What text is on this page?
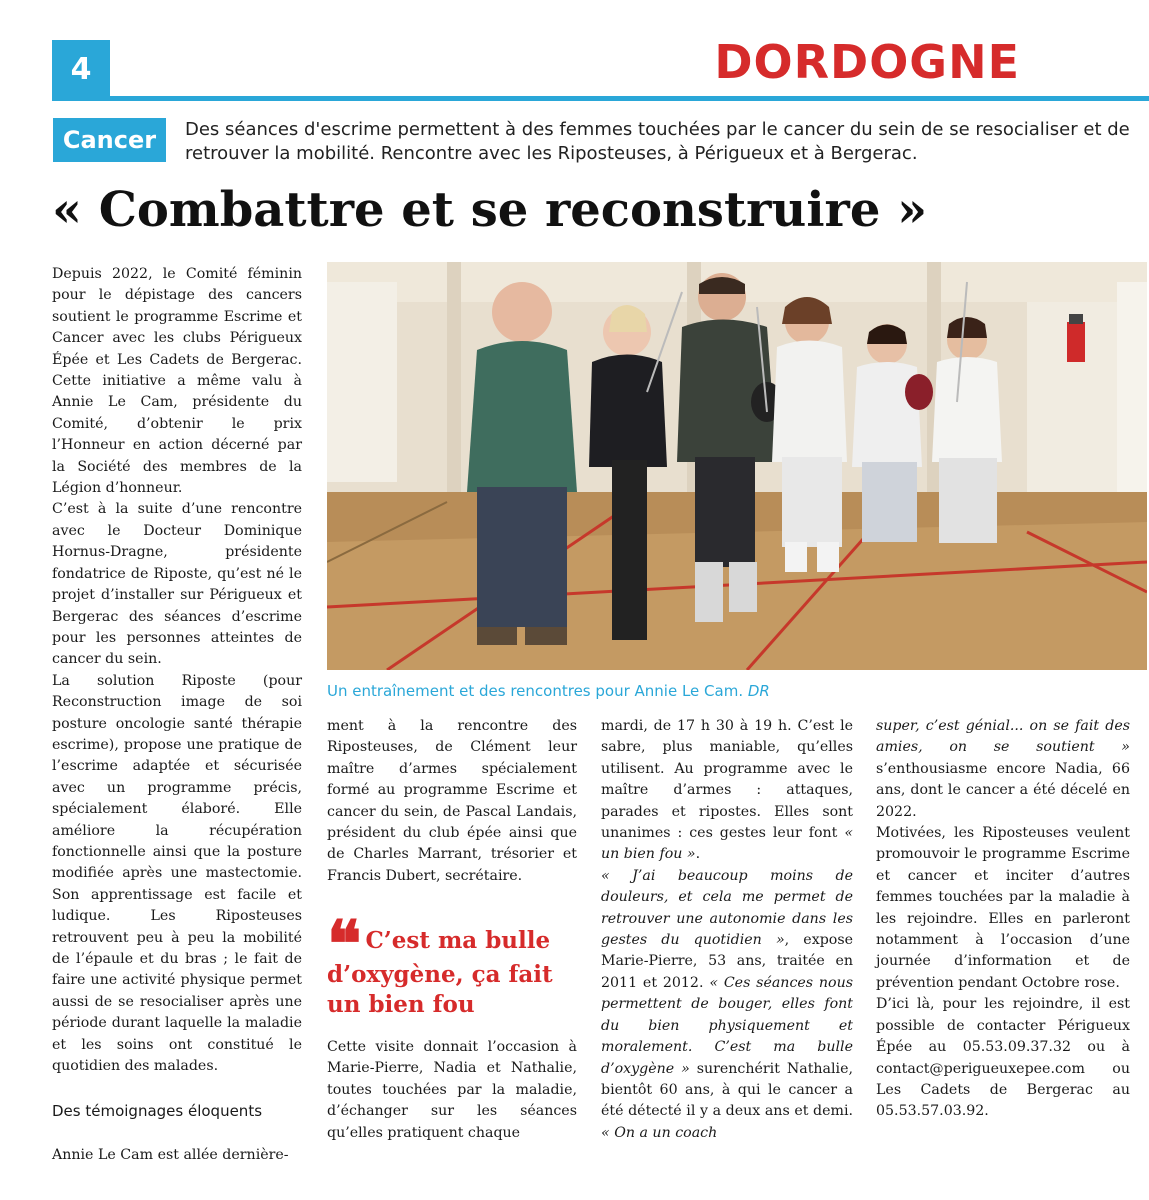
4	DORDOGNE
Cancer	Des séances d'escrime permettent à des femmes touchées par le cancer du sein de se resocialiser et de retrouver la mobilité. Rencontre avec les Riposteuses, à Périgueux et à Bergerac.
« Combattre et se reconstruire »

Depuis 2022, le Comité féminin pour le dépistage des cancers soutient le programme Escrime et Cancer avec les clubs Périgueux Épée et Les Cadets de Bergerac. Cette initiative a même valu à Annie Le Cam, présidente du Comité, d’obtenir le prix l’Honneur en action décerné par la Société des membres de la Légion d’honneur.

C’est à la suite d’une rencontre avec le Docteur Dominique Hornus-Dragne, présidente fondatrice de Riposte, qu’est né le projet d’installer sur Périgueux et Bergerac des séances d’escrime pour les personnes atteintes de cancer du sein.

La solution Riposte (pour Reconstruction image de soi posture oncologie santé thérapie escrime), propose une pratique de l’escrime adaptée et sécurisée avec un programme précis, spécialement élaboré. Elle améliore la récupération fonctionnelle ainsi que la posture modifiée après une mastectomie. Son apprentissage est facile et ludique. Les Riposteuses retrouvent peu à peu la mobilité de l’épaule et du bras ; le fait de faire une activité physique permet aussi de se resocialiser après une période durant laquelle la maladie et les soins ont constitué le quotidien des malades.

Des témoignages éloquents

Annie Le Cam est allée dernière-

Un entraînement et des rencontres pour Annie Le Cam. DR

ment à la rencontre des Riposteuses, de Clément leur maître d’armes spécialement formé au programme Escrime et cancer du sein, de Pascal Landais, président du club épée ainsi que de Charles Marrant, trésorier et Francis Dubert, secrétaire.

❝ C’est ma bulle d’oxygène, ça fait un bien fou

Cette visite donnait l’occasion à Marie-Pierre, Nadia et Nathalie, toutes touchées par la maladie, d’échanger sur les séances qu’elles pratiquent chaque

mardi, de 17 h 30 à 19 h. C’est le sabre, plus maniable, qu’elles utilisent. Au programme avec le maître d’armes : attaques, parades et ripostes. Elles sont unanimes : ces gestes leur font « un bien fou ».

« J’ai beaucoup moins de douleurs, et cela me permet de retrouver une autonomie dans les gestes du quotidien », expose Marie-Pierre, 53 ans, traitée en 2011 et 2012. « Ces séances nous permettent de bouger, elles font du bien physiquement et moralement. C’est ma bulle d’oxygène » surenchérit Nathalie, bientôt 60 ans, à qui le cancer a été détecté il y a deux ans et demi. « On a un coach

super, c’est génial... on se fait des amies, on se soutient » s’enthousiasme encore Nadia, 66 ans, dont le cancer a été décelé en 2022.

Motivées, les Riposteuses veulent promouvoir le programme Escrime et cancer et inciter d’autres femmes touchées par la maladie à les rejoindre. Elles en parleront notamment à l’occasion d’une journée d’information et de prévention pendant Octobre rose.

D’ici là, pour les rejoindre, il est possible de contacter Périgueux Épée au 05.53.09.37.32 ou à contact@perigueuxepee.com ou Les Cadets de Bergerac au 05.53.57.03.92.
